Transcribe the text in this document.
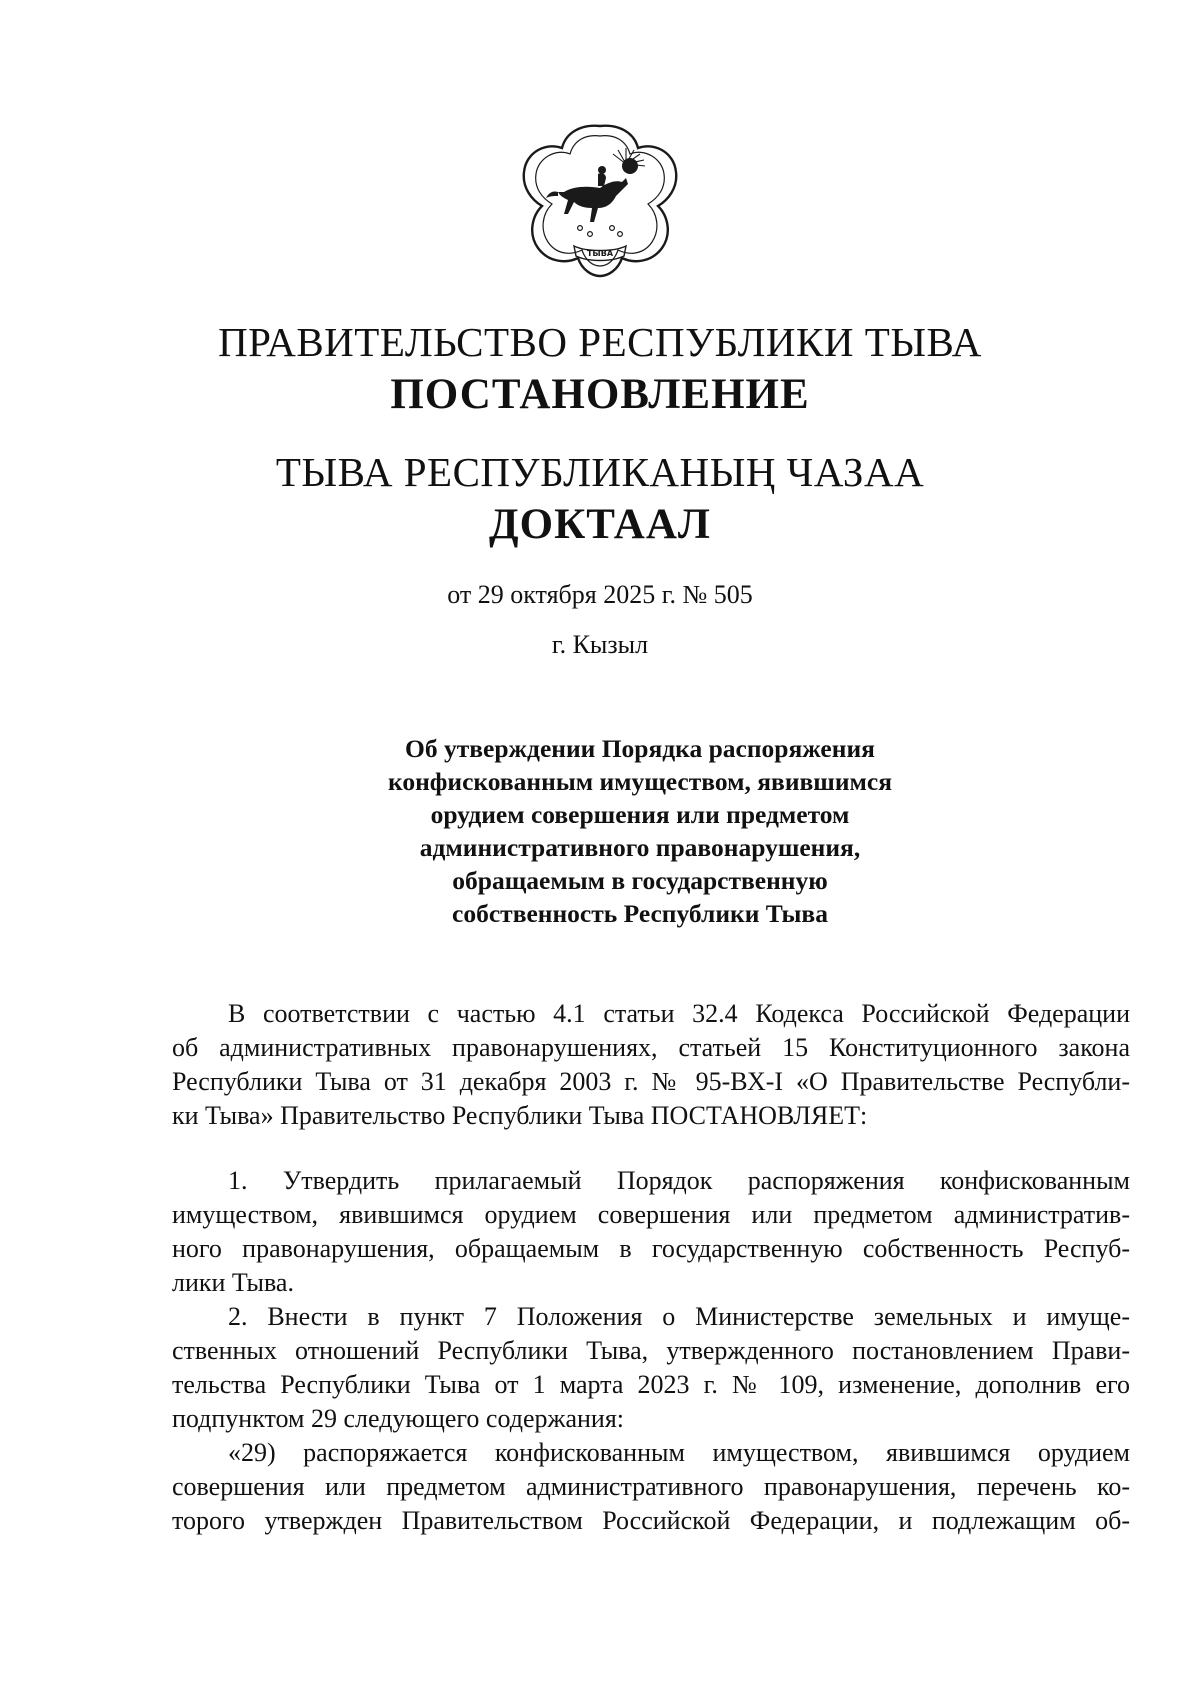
ТЫВА

ПРАВИТЕЛЬСТВО РЕСПУБЛИКИ ТЫВА

ПОСТАНОВЛЕНИЕ

ТЫВА РЕСПУБЛИКАНЫҢ ЧАЗАА

ДОКТААЛ

от 29 октября 2025 г. № 505

г. Кызыл

Об утверждении Порядка распоряжения
конфискованным имуществом, явившимся
орудием совершения или предметом
административного правонарушения,
обращаемым в государственную
собственность Республики Тыва
В соответствии с частью 4.1 статьи 32.4 Кодекса Российской Федерации
об административных правонарушениях, статьей 15 Конституционного закона
Республики Тыва от 31 декабря 2003 г. № 95-ВХ-I «О Правительстве Республи-
ки Тыва» Правительство Республики Тыва ПОСТАНОВЛЯЕТ:
1. Утвердить прилагаемый Порядок распоряжения конфискованным
имуществом, явившимся орудием совершения или предметом административ-
ного правонарушения, обращаемым в государственную собственность Респуб-
лики Тыва.
2. Внести в пункт 7 Положения о Министерстве земельных и имуще-
ственных отношений Республики Тыва, утвержденного постановлением Прави-
тельства Республики Тыва от 1 марта 2023 г. № 109, изменение, дополнив его
подпунктом 29 следующего содержания:
«29) распоряжается конфискованным имуществом, явившимся орудием
совершения или предметом административного правонарушения, перечень ко-
торого утвержден Правительством Российской Федерации, и подлежащим об-
